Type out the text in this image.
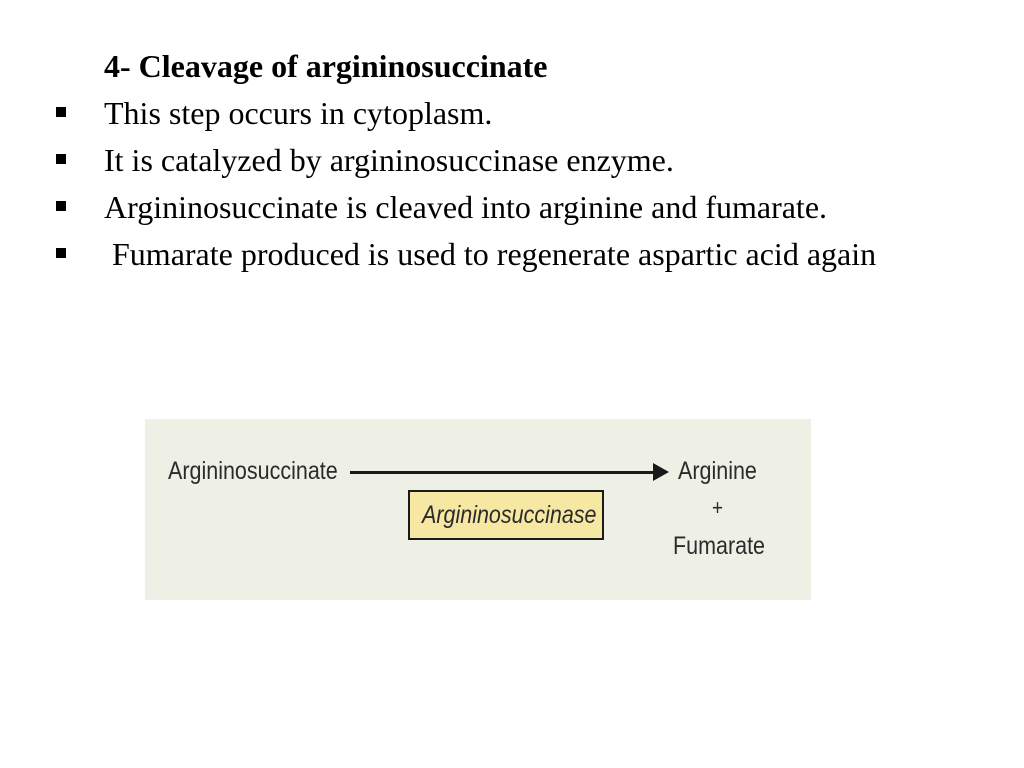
4- Cleavage of argininosuccinate
This step occurs in cytoplasm.
It is catalyzed by argininosuccinase enzyme.
Argininosuccinate is cleaved into arginine and fumarate.
Fumarate produced is used to regenerate aspartic acid again
Argininosuccinate
Argininosuccinase
Arginine
+
Fumarate
